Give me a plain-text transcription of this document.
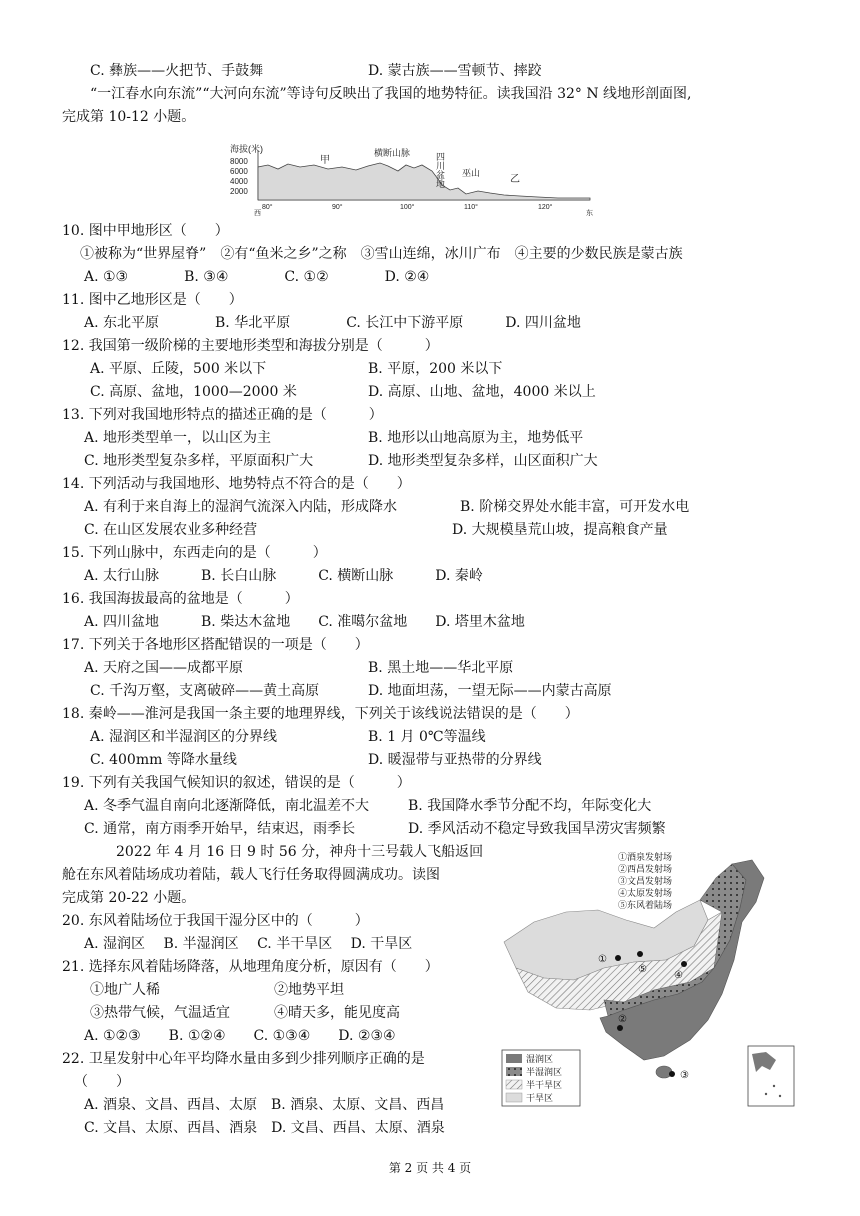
C. 彝族——火把节、手鼓舞	D. 蒙古族——雪顿节、摔跤
“一江春水向东流”“大河向东流”等诗句反映出了我国的地势特征。读我国沿 32° N 线地形剖面图,
完成第 10-12 小题。
10. 图中甲地形区（　　）
①被称为“世界屋脊”　②有“鱼米之乡”之称　③雪山连绵，冰川广布　④主要的少数民族是蒙古族
A. ①③　　　　B. ③④　　　　C. ①②　　　　D. ②④
11. 图中乙地形区是（　　）
A. 东北平原　　　　B. 华北平原　　　　C. 长江中下游平原　　　D. 四川盆地
12. 我国第一级阶梯的主要地形类型和海拔分别是（　　　）
A. 平原、丘陵，500 米以下	B. 平原，200 米以下
C. 高原、盆地，1000—2000 米	D. 高原、山地、盆地，4000 米以上
13. 下列对我国地形特点的描述正确的是（　　　）
A. 地形类型单一，以山区为主	B. 地形以山地高原为主，地势低平
C. 地形类型复杂多样，平原面积广大	D. 地形类型复杂多样，山区面积广大
14. 下列活动与我国地形、地势特点不符合的是（　　）
A. 有利于来自海上的湿润气流深入内陆，形成降水	B. 阶梯交界处水能丰富，可开发水电
C. 在山区发展农业多种经营	D. 大规模垦荒山坡，提高粮食产量
15. 下列山脉中，东西走向的是（　　　）
A. 太行山脉　　　B. 长白山脉　　　C. 横断山脉　　　D. 秦岭
16. 我国海拔最高的盆地是（　　　）
A. 四川盆地　　　B. 柴达木盆地　　C. 准噶尔盆地　　D. 塔里木盆地
17. 下列关于各地形区搭配错误的一项是（　　）
A. 天府之国——成都平原	B. 黑土地——华北平原
C. 千沟万壑，支离破碎——黄土高原	D. 地面坦荡，一望无际——内蒙古高原
18. 秦岭——淮河是我国一条主要的地理界线，下列关于该线说法错误的是（　　）
A. 湿润区和半湿润区的分界线	B. 1 月 0℃等温线
C. 400mm 等降水量线	D. 暖湿带与亚热带的分界线
19. 下列有关我国气候知识的叙述，错误的是（　　　）
A. 冬季气温自南向北逐渐降低，南北温差不大	B. 我国降水季节分配不均，年际变化大
C. 通常，南方雨季开始早，结束迟，雨季长	D. 季风活动不稳定导致我国旱涝灾害频繁
2022 年 4 月 16 日 9 时 56 分，神舟十三号载人飞船返回
舱在东风着陆场成功着陆，载人飞行任务取得圆满成功。读图
完成第 20-22 小题。
20. 东风着陆场位于我国干湿分区中的（　　　）
A. 湿润区　 B. 半湿润区　 C. 半干旱区　 D. 干旱区
21. 选择东风着陆场降落，从地理角度分析，原因有（　　）
①地广人稀	②地势平坦
③热带气候，气温适宜	④晴天多，能见度高
A. ①②③　　B. ①②④　　C. ①③④　　D. ②③④
22. 卫星发射中心年平均降水量由多到少排列顺序正确的是
（　　）
A. 酒泉、文昌、西昌、太原　B. 酒泉、太原、文昌、西昌
C. 文昌、太原、西昌、酒泉　D. 文昌、西昌、太原、酒泉
海拔(米)
8000
6000
4000
2000
甲
横断山脉	四川盆地 巫山	乙
80°	90°	100°	110°	120°
西	东
①
②
③
④
⑤
①酒泉发射场
②西昌发射场
③文昌发射场
④太原发射场
⑤东风着陆场
湿润区
半湿润区
半干旱区
干旱区
第 2 页 共 4 页
